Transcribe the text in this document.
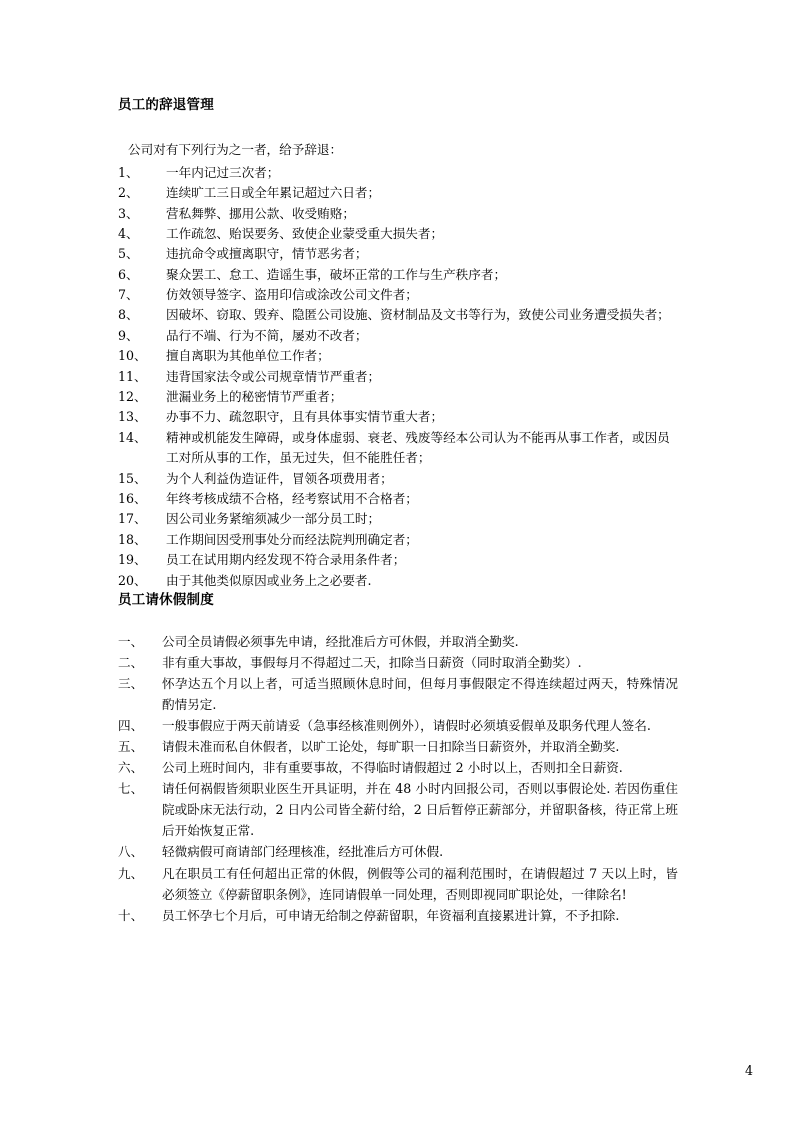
员工的辞退管理

公司对有下列行为之一者，给予辞退：

1、	一年内记过三次者；
2、	连续旷工三日或全年累记超过六日者；
3、	营私舞弊、挪用公款、收受贿赂；
4、	工作疏忽、贻误要务、致使企业蒙受重大损失者；
5、	违抗命令或擅离职守，情节恶劣者；
6、	聚众罢工、怠工、造谣生事，破坏正常的工作与生产秩序者；
7、	仿效领导签字、盗用印信或涂改公司文件者；
8、	因破坏、窃取、毁弃、隐匿公司设施、资材制品及文书等行为，致使公司业务遭受损失者；
9、	品行不端、行为不简，屡劝不改者；
10、	擅自离职为其他单位工作者；
11、	违背国家法令或公司规章情节严重者；
12、	泄漏业务上的秘密情节严重者；
13、	办事不力、疏忽职守，且有具体事实情节重大者；
14、	精神或机能发生障碍，或身体虚弱、衰老、残废等经本公司认为不能再从事工作者，或因员工对所从事的工作，虽无过失，但不能胜任者；
15、	为个人利益伪造证件，冒领各项费用者；
16、	年终考核成绩不合格，经考察试用不合格者；
17、	因公司业务紧缩须减少一部分员工时；
18、	工作期间因受刑事处分而经法院判刑确定者；
19、	员工在试用期内经发现不符合录用条件者；
20、	由于其他类似原因或业务上之必要者.
员工请休假制度
一、	公司全员请假必须事先申请，经批准后方可休假，并取消全勤奖.
二、	非有重大事故，事假每月不得超过二天，扣除当日薪资（同时取消全勤奖）.
三、	怀孕达五个月以上者，可适当照顾休息时间，但每月事假限定不得连续超过两天，特殊情况酌情另定.
四、	一般事假应于两天前请妥（急事经核准则例外），请假时必须填妥假单及职务代理人签名.
五、	请假未准而私自休假者，以旷工论处，每旷职一日扣除当日薪资外，并取消全勤奖.
六、	公司上班时间内，非有重要事故，不得临时请假超过 2 小时以上，否则扣全日薪资.
七、	请任何祸假皆须职业医生开具证明，并在 48 小时内回报公司，否则以事假论处. 若因伤重住院或卧床无法行动，2 日内公司皆全薪付给，2 日后暂停正薪部分，并留职备核，待正常上班后开始恢复正常.
八、	轻微病假可商请部门经理核准，经批准后方可休假.
九、	凡在职员工有任何超出正常的休假，例假等公司的福利范围时，在请假超过 7 天以上时，皆必须签立《停薪留职条例》，连同请假单一同处理，否则即视同旷职论处，一律除名!
十、	员工怀孕七个月后，可申请无给制之停薪留职，年资福利直接累进计算，不予扣除.
4
